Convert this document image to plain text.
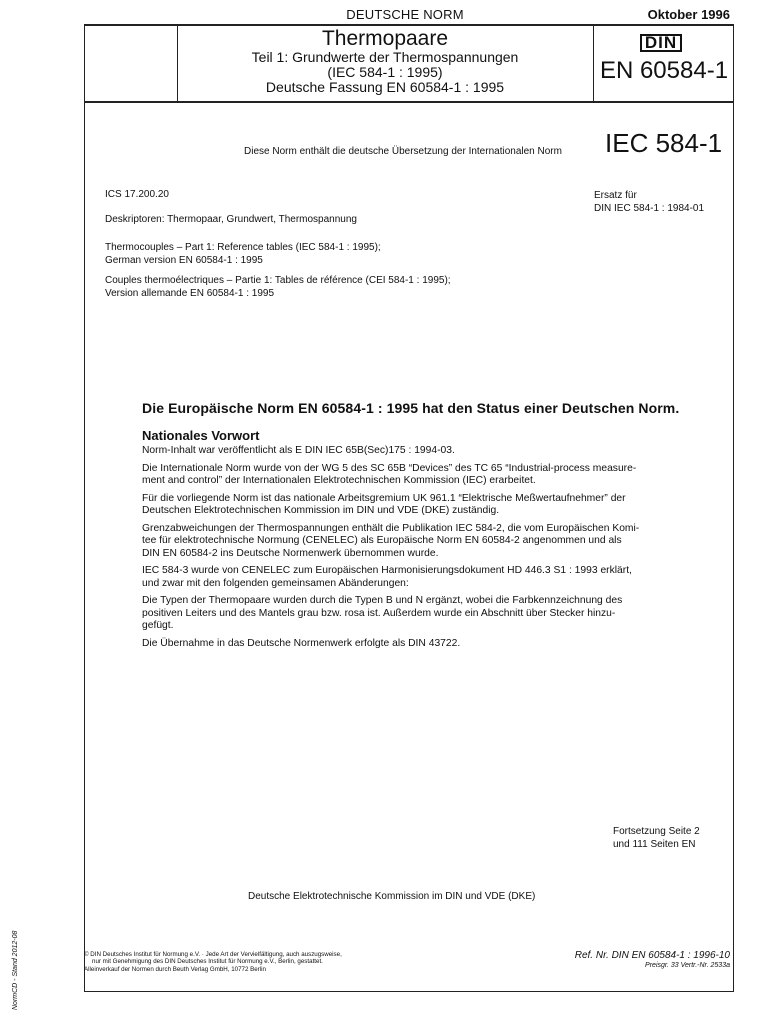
DEUTSCHE NORM	Oktober 1996
Thermopaare
Teil 1: Grundwerte der Thermospannungen
(IEC 584-1 : 1995)
Deutsche Fassung EN 60584-1 : 1995
DIN
EN 60584-1
Diese Norm enthält die deutsche Übersetzung der Internationalen Norm IEC 584-1
ICS 17.200.20	Ersatz für
DIN IEC 584-1 : 1984-01
Deskriptoren: Thermopaar, Grundwert, Thermospannung
Thermocouples – Part 1: Reference tables (IEC 584-1 : 1995);
German version EN 60584-1 : 1995
Couples thermoélectriques – Partie 1: Tables de référence (CEI 584-1 : 1995);
Version allemande EN 60584-1 : 1995
Die Europäische Norm EN 60584-1 : 1995 hat den Status einer Deutschen Norm.
Nationales Vorwort

Norm-Inhalt war veröffentlicht als E DIN IEC 65B(Sec)175 : 1994-03.

Die Internationale Norm wurde von der WG 5 des SC 65B “Devices” des TC 65 “Industrial-process measure-
ment and control” der Internationalen Elektrotechnischen Kommission (IEC) erarbeitet.

Für die vorliegende Norm ist das nationale Arbeitsgremium UK 961.1 “Elektrische Meßwertaufnehmer” der
Deutschen Elektrotechnischen Kommission im DIN und VDE (DKE) zuständig.

Grenzabweichungen der Thermospannungen enthält die Publikation IEC 584-2, die vom Europäischen Komi-
tee für elektrotechnische Normung (CENELEC) als Europäische Norm EN 60584-2 angenommen und als
DIN EN 60584-2 ins Deutsche Normenwerk übernommen wurde.

IEC 584-3 wurde von CENELEC zum Europäischen Harmonisierungsdokument HD 446.3 S1 : 1993 erklärt,
und zwar mit den folgenden gemeinsamen Abänderungen:

Die Typen der Thermopaare wurden durch die Typen B und N ergänzt, wobei die Farbkennzeichnung des
positiven Leiters und des Mantels grau bzw. rosa ist. Außerdem wurde ein Abschnitt über Stecker hinzu-
gefügt.

Die Übernahme in das Deutsche Normenwerk erfolgte als DIN 43722.

Fortsetzung Seite 2
und 111 Seiten EN
Deutsche Elektrotechnische Kommission im DIN und VDE (DKE)
© DIN Deutsches Institut für Normung e.V. · Jede Art der Vervielfältigung, auch auszugsweise,
nur mit Genehmigung des DIN Deutsches Institut für Normung e.V., Berlin, gestattet.
Alleinverkauf der Normen durch Beuth Verlag GmbH, 10772 Berlin
Ref. Nr. DIN EN 60584-1 : 1996-10
Preisgr. 33 Vertr.-Nr. 2533a
NormCD - Stand 2012-08
